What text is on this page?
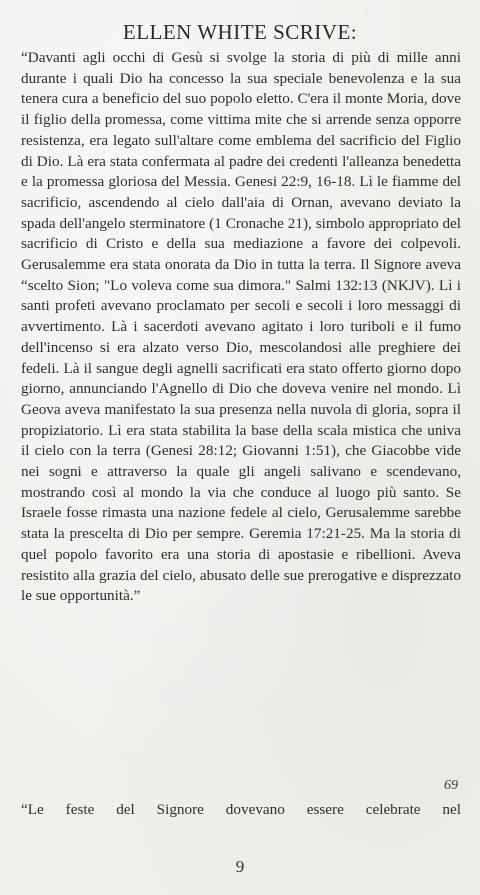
ELLEN WHITE SCRIVE:

“Davanti agli occhi di Gesù si svolge la storia di più di mille anni durante i quali Dio ha concesso la sua speciale benevolenza e la sua tenera cura a beneficio del suo popolo eletto. C'era il monte Moria, dove il figlio della promessa, come vittima mite che si arrende senza opporre resistenza, era legato sull'altare come emblema del sacrificio del Figlio di Dio. Là era stata confermata al padre dei credenti l'alleanza benedetta e la promessa gloriosa del Messia. Genesi 22:9, 16-18. Lì le fiamme del sacrificio, ascendendo al cielo dall'aia di Ornan, avevano deviato la spada dell'angelo sterminatore (1 Cronache 21), simbolo appropriato del sacrificio di Cristo e della sua mediazione a favore dei colpevoli. Gerusalemme era stata onorata da Dio in tutta la terra. Il Signore aveva “scelto Sion; "Lo voleva come sua dimora." Salmi 132:13 (NKJV). Lì i santi profeti avevano proclamato per secoli e secoli i loro messaggi di avvertimento. Là i sacerdoti avevano agitato i loro turiboli e il fumo dell'incenso si era alzato verso Dio, mescolandosi alle preghiere dei fedeli. Là il sangue degli agnelli sacrificati era stato offerto giorno dopo giorno, annunciando l'Agnello di Dio che doveva venire nel mondo. Lì Geova aveva manifestato la sua presenza nella nuvola di gloria, sopra il propiziatorio. Lì era stata stabilita la base della scala mistica che univa il cielo con la terra (Genesi 28:12; Giovanni 1:51), che Giacobbe vide nei sogni e attraverso la quale gli angeli salivano e scendevano, mostrando così al mondo la via che conduce al luogo più santo. Se Israele fosse rimasta una nazione fedele al cielo, Gerusalemme sarebbe stata la prescelta di Dio per sempre. Geremia 17:21-25. Ma la storia di quel popolo favorito era una storia di apostasie e ribellioni. Aveva resistito alla grazia del cielo, abusato delle sue prerogative e disprezzato le sue opportunità.”

69

“Le feste del Signore dovevano essere celebrate nel

9
